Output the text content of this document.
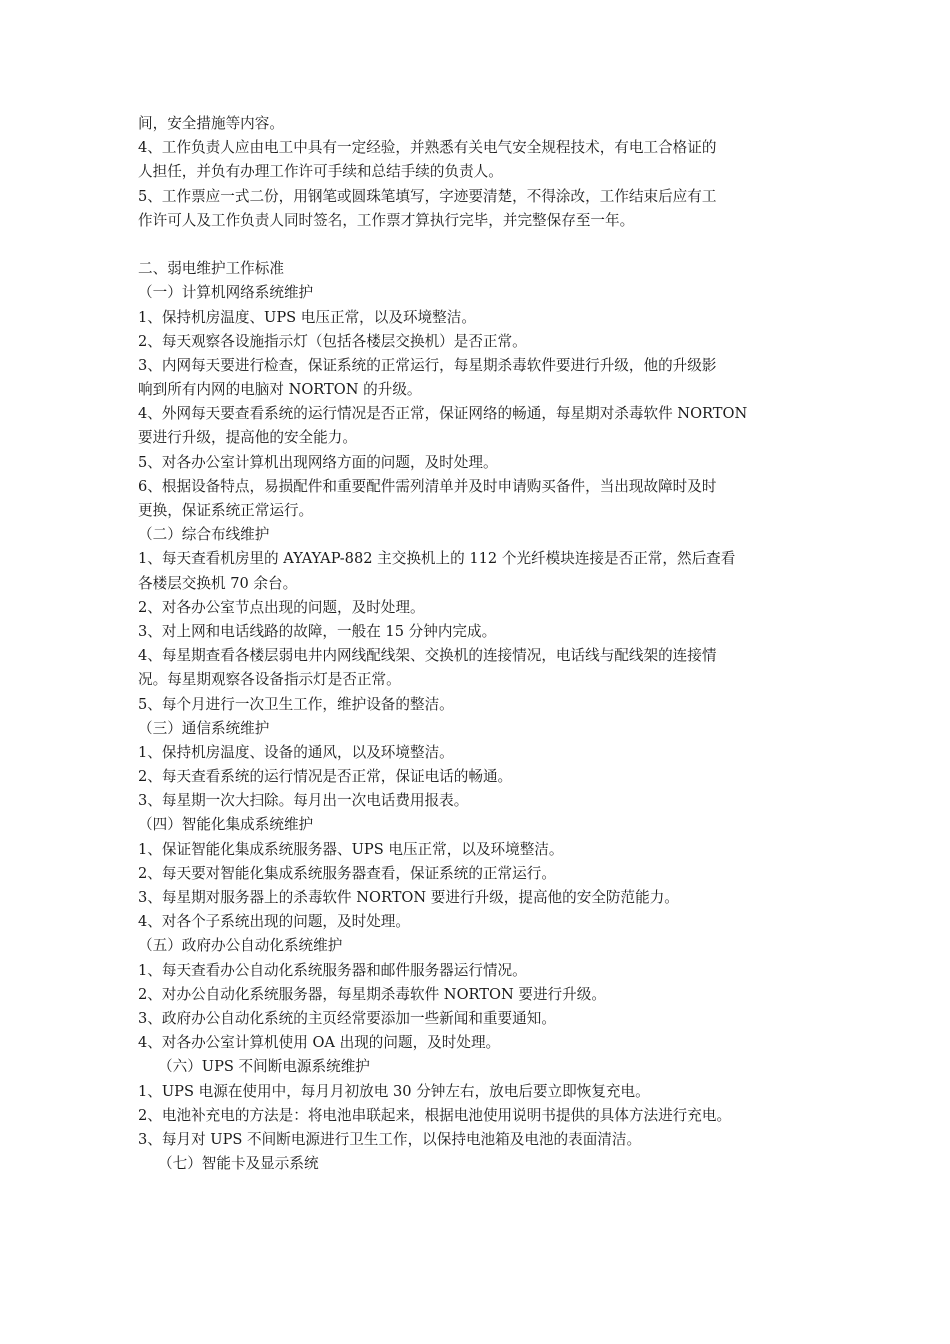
间，安全措施等内容。
4、工作负责人应由电工中具有一定经验，并熟悉有关电气安全规程技术，有电工合格证的
人担任，并负有办理工作许可手续和总结手续的负责人。
5、工作票应一式二份，用钢笔或圆珠笔填写，字迹要清楚，不得涂改，工作结束后应有工
作许可人及工作负责人同时签名，工作票才算执行完毕，并完整保存至一年。
二、弱电维护工作标准
（一）计算机网络系统维护
1、保持机房温度、UPS 电压正常，以及环境整洁。
2、每天观察各设施指示灯（包括各楼层交换机）是否正常。
3、内网每天要进行检查，保证系统的正常运行，每星期杀毒软件要进行升级，他的升级影
响到所有内网的电脑对 NORTON 的升级。
4、外网每天要查看系统的运行情况是否正常，保证网络的畅通，每星期对杀毒软件 NORTON
要进行升级，提高他的安全能力。
5、对各办公室计算机出现网络方面的问题，及时处理。
6、根据设备特点，易损配件和重要配件需列清单并及时申请购买备件，当出现故障时及时
更换，保证系统正常运行。
（二）综合布线维护
1、每天查看机房里的 AYAYAP-882 主交换机上的 112 个光纤模块连接是否正常，然后查看
各楼层交换机 70 余台。
2、对各办公室节点出现的问题，及时处理。
3、对上网和电话线路的故障，一般在 15 分钟内完成。
4、每星期查看各楼层弱电井内网线配线架、交换机的连接情况，电话线与配线架的连接情
况。每星期观察各设备指示灯是否正常。
5、每个月进行一次卫生工作，维护设备的整洁。
（三）通信系统维护
1、保持机房温度、设备的通风，以及环境整洁。
2、每天查看系统的运行情况是否正常，保证电话的畅通。
3、每星期一次大扫除。每月出一次电话费用报表。
（四）智能化集成系统维护
1、保证智能化集成系统服务器、UPS 电压正常，以及环境整洁。
2、每天要对智能化集成系统服务器查看，保证系统的正常运行。
3、每星期对服务器上的杀毒软件 NORTON 要进行升级，提高他的安全防范能力。
4、对各个子系统出现的问题，及时处理。
（五）政府办公自动化系统维护
1、每天查看办公自动化系统服务器和邮件服务器运行情况。
2、对办公自动化系统服务器，每星期杀毒软件 NORTON 要进行升级。
3、政府办公自动化系统的主页经常要添加一些新闻和重要通知。
4、对各办公室计算机使用 OA 出现的问题，及时处理。
（六）UPS 不间断电源系统维护
1、UPS 电源在使用中，每月月初放电 30 分钟左右，放电后要立即恢复充电。
2、电池补充电的方法是：将电池串联起来，根据电池使用说明书提供的具体方法进行充电。
3、每月对 UPS 不间断电源进行卫生工作，以保持电池箱及电池的表面清洁。
（七）智能卡及显示系统
